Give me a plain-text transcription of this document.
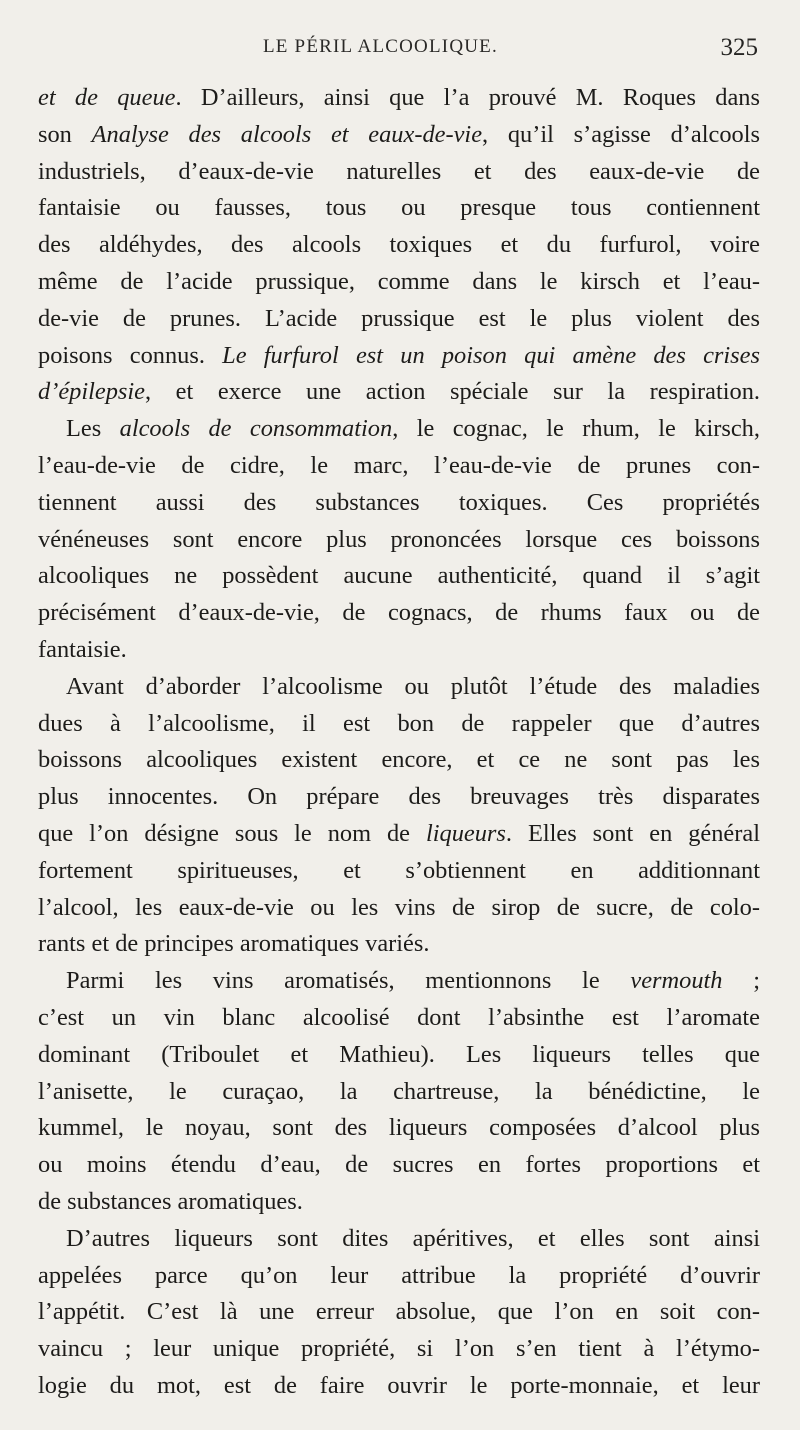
LE PÉRIL ALCOOLIQUE.	325
et de queue. D’ailleurs, ainsi que l’a prouvé M. Roques dans
son Analyse des alcools et eaux-de-vie, qu’il s’agisse d’alcools
industriels, d’eaux-de-vie naturelles et des eaux-de-vie de
fantaisie ou fausses, tous ou presque tous contiennent
des aldéhydes, des alcools toxiques et du furfurol, voire
même de l’acide prussique, comme dans le kirsch et l’eau-
de-vie de prunes. L’acide prussique est le plus violent des
poisons connus. Le furfurol est un poison qui amène des crises
d’épilepsie, et exerce une action spéciale sur la respiration.
Les alcools de consommation, le cognac, le rhum, le kirsch,
l’eau-de-vie de cidre, le marc, l’eau-de-vie de prunes con-
tiennent aussi des substances toxiques. Ces propriétés
vénéneuses sont encore plus prononcées lorsque ces boissons
alcooliques ne possèdent aucune authenticité, quand il s’agit
précisément d’eaux-de-vie, de cognacs, de rhums faux ou de
fantaisie.
Avant d’aborder l’alcoolisme ou plutôt l’étude des maladies
dues à l’alcoolisme, il est bon de rappeler que d’autres
boissons alcooliques existent encore, et ce ne sont pas les
plus innocentes. On prépare des breuvages très disparates
que l’on désigne sous le nom de liqueurs. Elles sont en général
fortement spiritueuses, et s’obtiennent en additionnant
l’alcool, les eaux-de-vie ou les vins de sirop de sucre, de colo-
rants et de principes aromatiques variés.
Parmi les vins aromatisés, mentionnons le vermouth ;
c’est un vin blanc alcoolisé dont l’absinthe est l’aromate
dominant (Triboulet et Mathieu). Les liqueurs telles que
l’anisette, le curaçao, la chartreuse, la bénédictine, le
kummel, le noyau, sont des liqueurs composées d’alcool plus
ou moins étendu d’eau, de sucres en fortes proportions et
de substances aromatiques.
D’autres liqueurs sont dites apéritives, et elles sont ainsi
appelées parce qu’on leur attribue la propriété d’ouvrir
l’appétit. C’est là une erreur absolue, que l’on en soit con-
vaincu ; leur unique propriété, si l’on s’en tient à l’étymo-
logie du mot, est de faire ouvrir le porte-monnaie, et leur
